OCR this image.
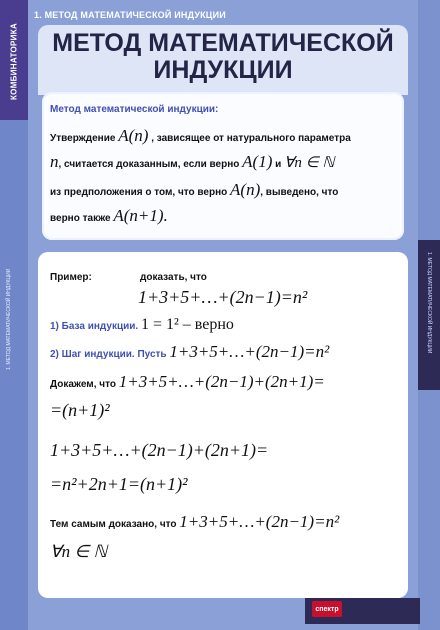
КОМБИНАТОРИКА
1. МЕТОД МАТЕМАТИЧЕСКОЙ ИНДУКЦИИ	1. МЕТОД МАТЕМАТИЧЕСКОЙ ИНДУКЦИИ
1. МЕТОД МАТЕМАТИЧЕСКОЙ ИНДУКЦИИ
МЕТОД МАТЕМАТИЧЕСКОЙ
ИНДУКЦИИ
Метод математической индукции:
Утверждение A(n) , зависящее от натурального параметра
n, считается доказанным, если верно A(1) и ∀n ∈ ℕ
из предположения о том, что верно A(n), выведено, что
верно также A(n+1).
Пример:	доказать, что
1+3+5+…+(2n−1)=n²
1) База индукции. 1 = 1² – верно
2) Шаг индукции. Пусть 1+3+5+…+(2n−1)=n²
Докажем, что 1+3+5+…+(2n−1)+(2n+1)=
=(n+1)²
1+3+5+…+(2n−1)+(2n+1)=
=n²+2n+1=(n+1)²
Тем самым доказано, что 1+3+5+…+(2n−1)=n²
∀n ∈ ℕ
спектр
